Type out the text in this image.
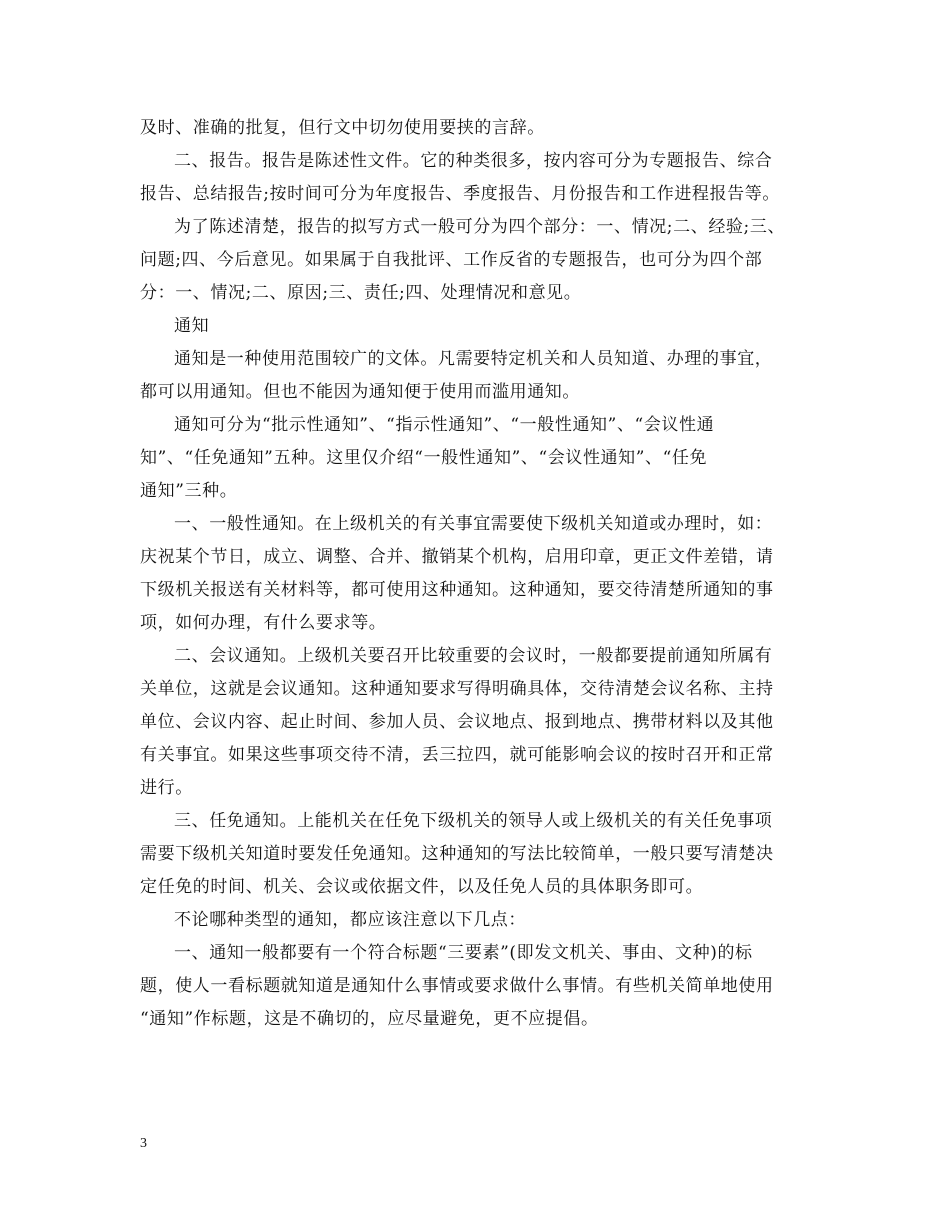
及时、准确的批复，但行文中切勿使用要挟的言辞。

二、报告。报告是陈述性文件。它的种类很多，按内容可分为专题报告、综合
报告、总结报告;按时间可分为年度报告、季度报告、月份报告和工作进程报告等。

为了陈述清楚，报告的拟写方式一般可分为四个部分：一、情况;二、经验;三、
问题;四、今后意见。如果属于自我批评、工作反省的专题报告，也可分为四个部
分：一、情况;二、原因;三、责任;四、处理情况和意见。

通知

通知是一种使用范围较广的文体。凡需要特定机关和人员知道、办理的事宜，
都可以用通知。但也不能因为通知便于使用而滥用通知。

通知可分为“批示性通知”、“指示性通知”、“一般性通知”、“会议性通
知”、“任免通知”五种。这里仅介绍“一般性通知”、“会议性通知”、“任免
通知”三种。

一、一般性通知。在上级机关的有关事宜需要使下级机关知道或办理时，如：
庆祝某个节日，成立、调整、合并、撤销某个机构，启用印章，更正文件差错，请
下级机关报送有关材料等，都可使用这种通知。这种通知，要交待清楚所通知的事
项，如何办理，有什么要求等。

二、会议通知。上级机关要召开比较重要的会议时，一般都要提前通知所属有
关单位，这就是会议通知。这种通知要求写得明确具体，交待清楚会议名称、主持
单位、会议内容、起止时间、参加人员、会议地点、报到地点、携带材料以及其他
有关事宜。如果这些事项交待不清，丢三拉四，就可能影响会议的按时召开和正常
进行。

三、任免通知。上能机关在任免下级机关的领导人或上级机关的有关任免事项
需要下级机关知道时要发任免通知。这种通知的写法比较简单，一般只要写清楚决
定任免的时间、机关、会议或依据文件，以及任免人员的具体职务即可。

不论哪种类型的通知，都应该注意以下几点：

一、通知一般都要有一个符合标题“三要素”(即发文机关、事由、文种)的标
题，使人一看标题就知道是通知什么事情或要求做什么事情。有些机关简单地使用
“通知”作标题，这是不确切的，应尽量避免，更不应提倡。

3
